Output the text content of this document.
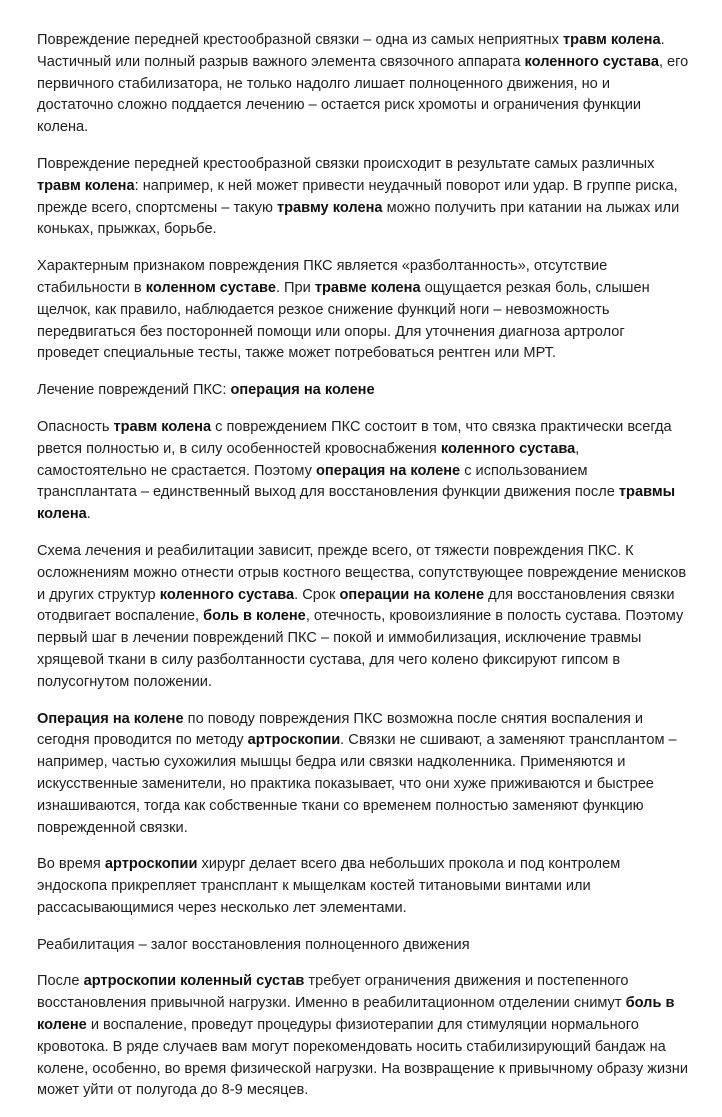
Повреждение передней крестообразной связки – одна из самых неприятных травм колена. Частичный или полный разрыв важного элемента связочного аппарата коленного сустава, его первичного стабилизатора, не только надолго лишает полноценного движения, но и достаточно сложно поддается лечению – остается риск хромоты и ограничения функции колена.

Повреждение передней крестообразной связки происходит в результате самых различных травм колена: например, к ней может привести неудачный поворот или удар. В группе риска, прежде всего, спортсмены – такую травму колена можно получить при катании на лыжах или коньках, прыжках, борьбе.

Характерным признаком повреждения ПКС является «разболтанность», отсутствие стабильности в коленном суставе. При травме колена ощущается резкая боль, слышен щелчок, как правило, наблюдается резкое снижение функций ноги – невозможность передвигаться без посторонней помощи или опоры. Для уточнения диагноза артролог проведет специальные тесты, также может потребоваться рентген или МРТ.

Лечение повреждений ПКС: операция на колене

Опасность травм колена с повреждением ПКС состоит в том, что связка практически всегда рвется полностью и, в силу особенностей кровоснабжения коленного сустава, самостоятельно не срастается. Поэтому операция на колене с использованием трансплантата – единственный выход для восстановления функции движения после травмы колена.

Схема лечения и реабилитации зависит, прежде всего, от тяжести повреждения ПКС. К осложнениям можно отнести отрыв костного вещества, сопутствующее повреждение менисков и других структур коленного сустава. Срок операции на колене для восстановления связки отодвигает воспаление, боль в колене, отечность, кровоизлияние в полость сустава. Поэтому первый шаг в лечении повреждений ПКС – покой и иммобилизация, исключение травмы хрящевой ткани в силу разболтанности сустава, для чего колено фиксируют гипсом в полусогнутом положении.

Операция на колене по поводу повреждения ПКС возможна после снятия воспаления и сегодня проводится по методу артроскопии. Связки не сшивают, а заменяют трансплантом – например, частью сухожилия мышцы бедра или связки надколенника. Применяются и искусственные заменители, но практика показывает, что они хуже приживаются и быстрее изнашиваются, тогда как собственные ткани со временем полностью заменяют функцию поврежденной связки.

Во время артроскопии хирург делает всего два небольших прокола и под контролем эндоскопа прикрепляет трансплант к мыщелкам костей титановыми винтами или рассасывающимися через несколько лет элементами.

Реабилитация – залог восстановления полноценного движения

После артроскопии коленный сустав требует ограничения движения и постепенного восстановления привычной нагрузки. Именно в реабилитационном отделении снимут боль в колене и воспаление, проведут процедуры физиотерапии для стимуляции нормального кровотока. В ряде случаев вам могут порекомендовать носить стабилизирующий бандаж на колене, особенно, во время физической нагрузки. На возвращение к привычному образу жизни может уйти от полугода до 8-9 месяцев.
